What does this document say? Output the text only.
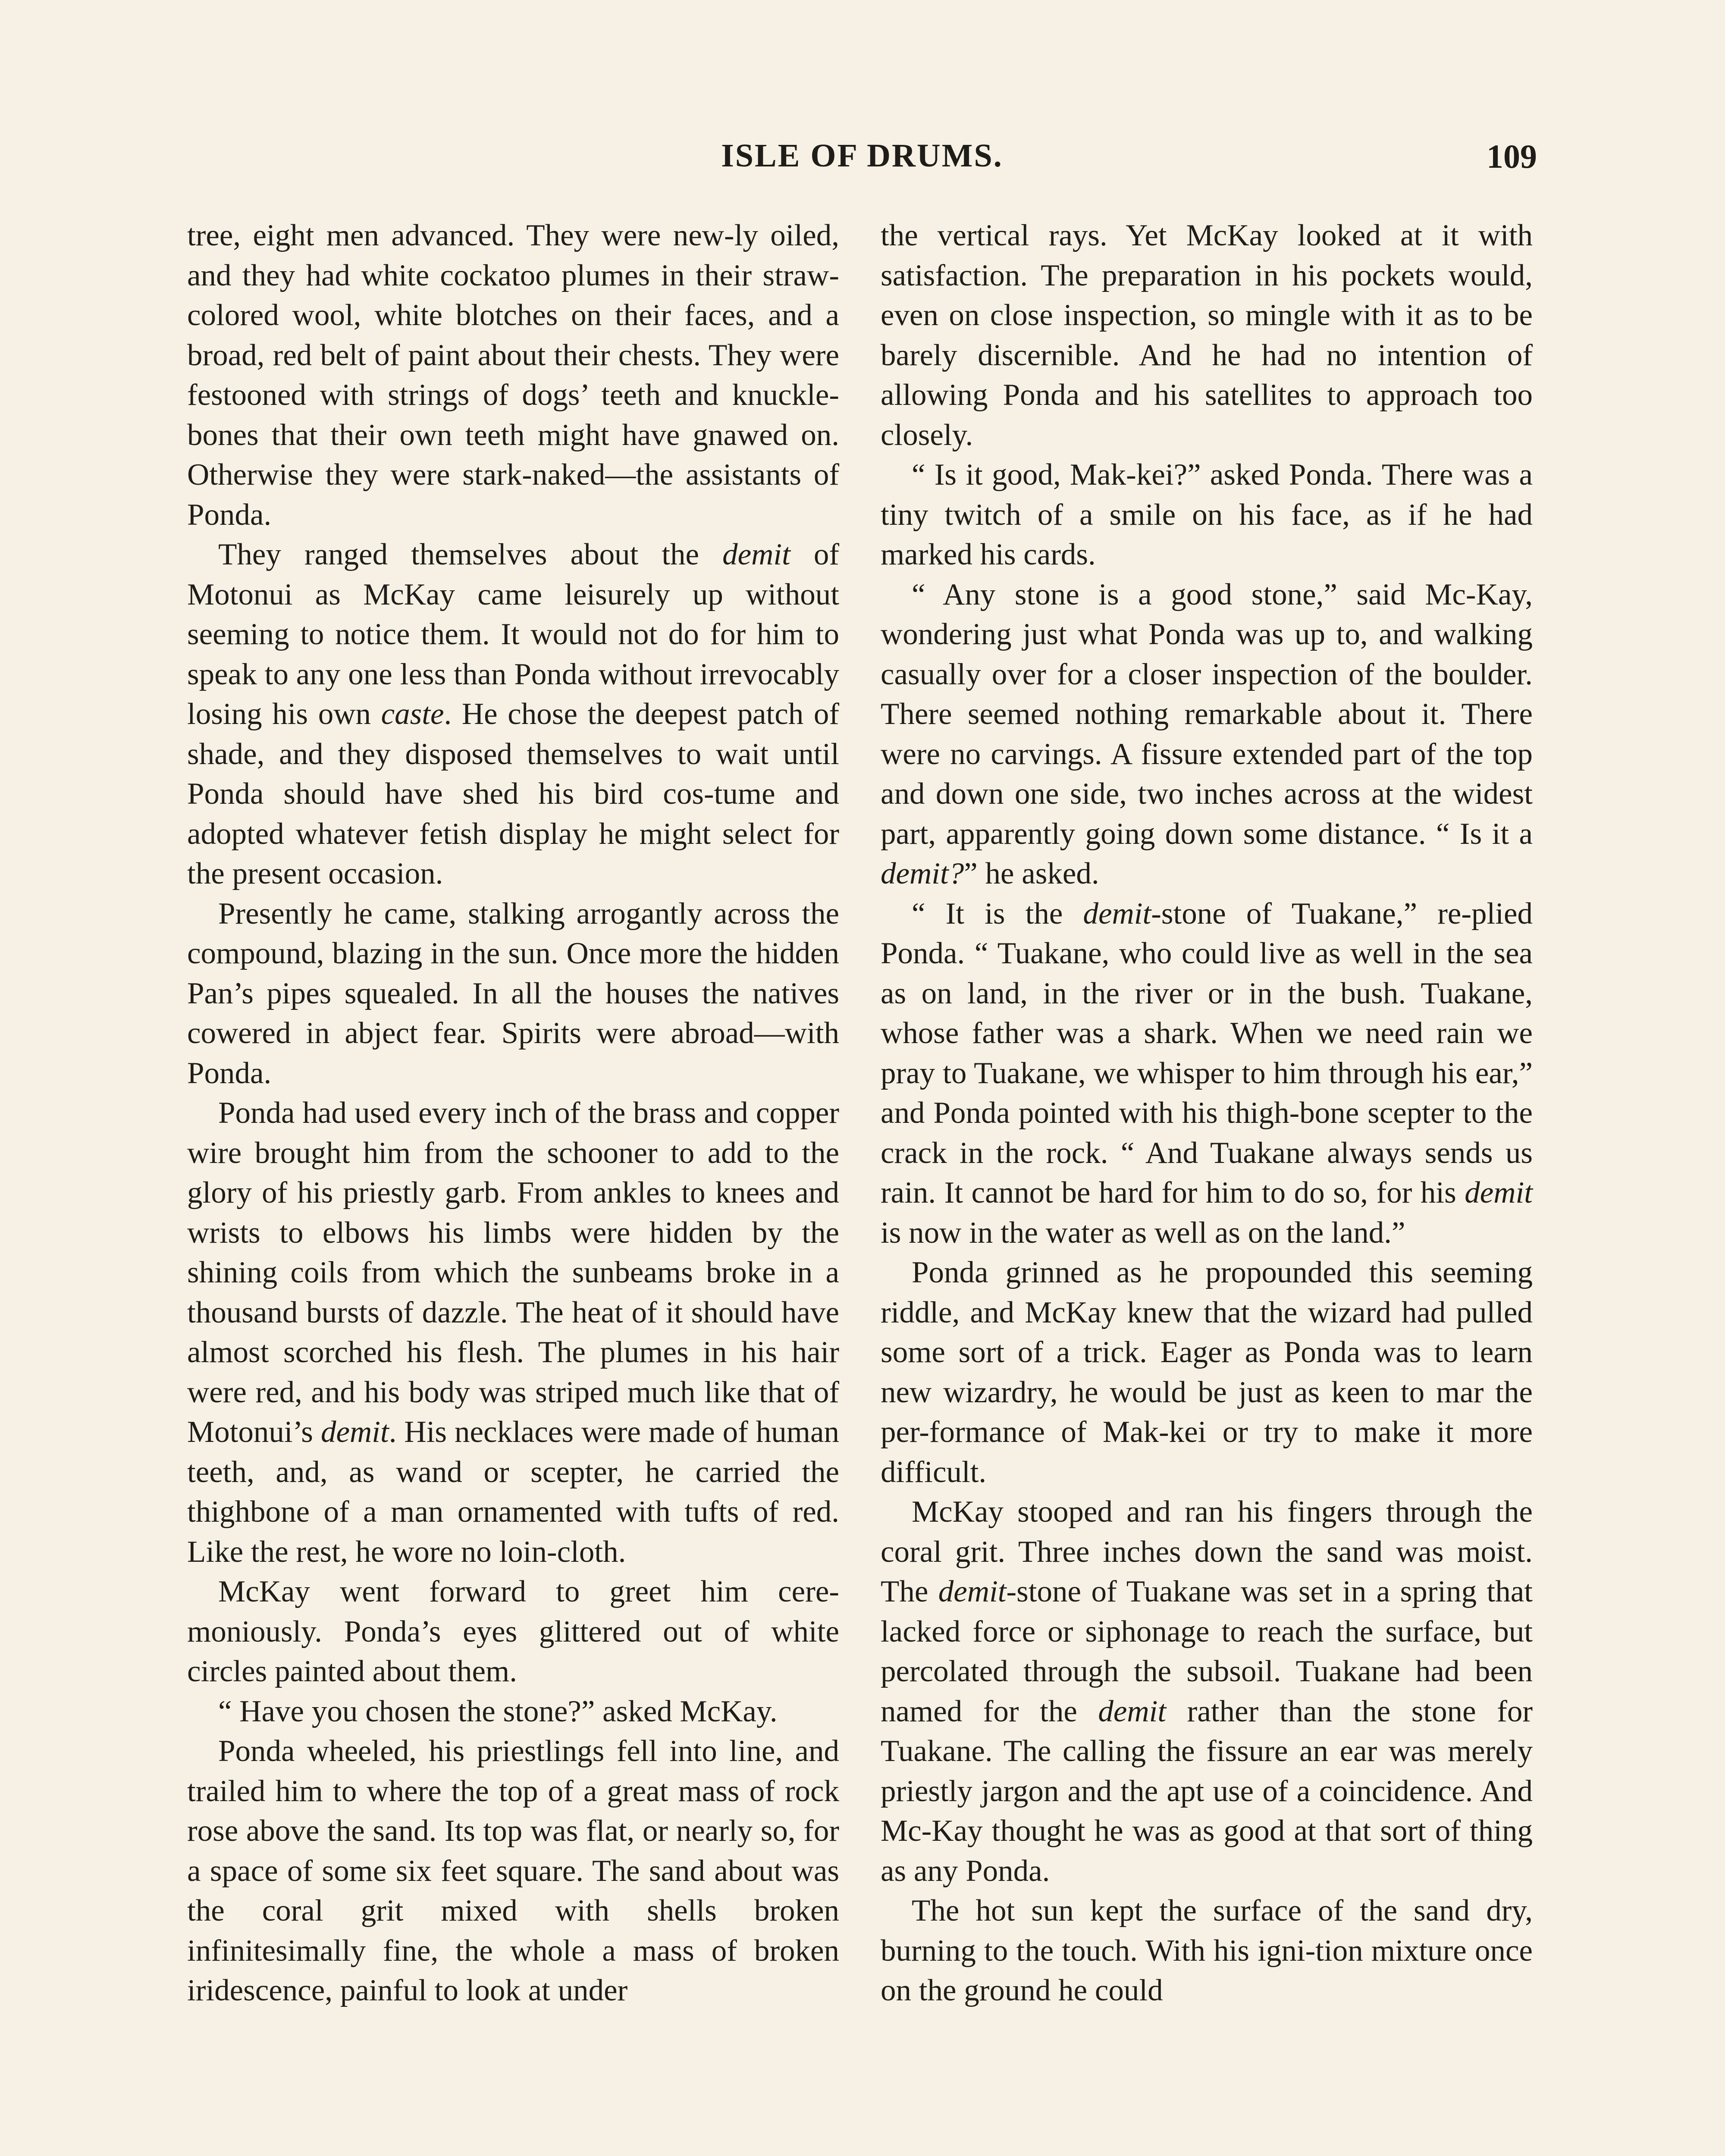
ISLE OF DRUMS.	109

tree, eight men advanced. They were new-ly oiled, and they had white cockatoo plumes in their straw-colored wool, white blotches on their faces, and a broad, red belt of paint about their chests. They were festooned with strings of dogs’ teeth and knuckle-bones that their own teeth might have gnawed on. Otherwise they were stark-naked—the assistants of Ponda.

They ranged themselves about the demit of Motonui as McKay came leisurely up without seeming to notice them. It would not do for him to speak to any one less than Ponda without irrevocably losing his own caste. He chose the deepest patch of shade, and they disposed themselves to wait until Ponda should have shed his bird cos-tume and adopted whatever fetish display he might select for the present occasion.

Presently he came, stalking arrogantly across the compound, blazing in the sun. Once more the hidden Pan’s pipes squealed. In all the houses the natives cowered in abject fear. Spirits were abroad—with Ponda.

Ponda had used every inch of the brass and copper wire brought him from the schooner to add to the glory of his priestly garb. From ankles to knees and wrists to elbows his limbs were hidden by the shining coils from which the sunbeams broke in a thousand bursts of dazzle. The heat of it should have almost scorched his flesh. The plumes in his hair were red, and his body was striped much like that of Motonui’s demit. His necklaces were made of human teeth, and, as wand or scepter, he carried the thighbone of a man ornamented with tufts of red. Like the rest, he wore no loin-cloth.

McKay went forward to greet him cere-moniously. Ponda’s eyes glittered out of white circles painted about them.

“ Have you chosen the stone?” asked McKay.

Ponda wheeled, his priestlings fell into line, and trailed him to where the top of a great mass of rock rose above the sand. Its top was flat, or nearly so, for a space of some six feet square. The sand about was the coral grit mixed with shells broken infinitesimally fine, the whole a mass of broken iridescence, painful to look at under

the vertical rays. Yet McKay looked at it with satisfaction. The preparation in his pockets would, even on close inspection, so mingle with it as to be barely discernible. And he had no intention of allowing Ponda and his satellites to approach too closely.

“ Is it good, Mak-kei?” asked Ponda. There was a tiny twitch of a smile on his face, as if he had marked his cards.

“ Any stone is a good stone,” said Mc-Kay, wondering just what Ponda was up to, and walking casually over for a closer inspection of the boulder. There seemed nothing remarkable about it. There were no carvings. A fissure extended part of the top and down one side, two inches across at the widest part, apparently going down some distance. “ Is it a demit?” he asked.

“ It is the demit-stone of Tuakane,” re-plied Ponda. “ Tuakane, who could live as well in the sea as on land, in the river or in the bush. Tuakane, whose father was a shark. When we need rain we pray to Tuakane, we whisper to him through his ear,” and Ponda pointed with his thigh-bone scepter to the crack in the rock. “ And Tuakane always sends us rain. It cannot be hard for him to do so, for his demit is now in the water as well as on the land.”

Ponda grinned as he propounded this seeming riddle, and McKay knew that the wizard had pulled some sort of a trick. Eager as Ponda was to learn new wizardry, he would be just as keen to mar the per-formance of Mak-kei or try to make it more difficult.

McKay stooped and ran his fingers through the coral grit. Three inches down the sand was moist. The demit-stone of Tuakane was set in a spring that lacked force or siphonage to reach the surface, but percolated through the subsoil. Tuakane had been named for the demit rather than the stone for Tuakane. The calling the fissure an ear was merely priestly jargon and the apt use of a coincidence. And Mc-Kay thought he was as good at that sort of thing as any Ponda.

The hot sun kept the surface of the sand dry, burning to the touch. With his igni-tion mixture once on the ground he could
